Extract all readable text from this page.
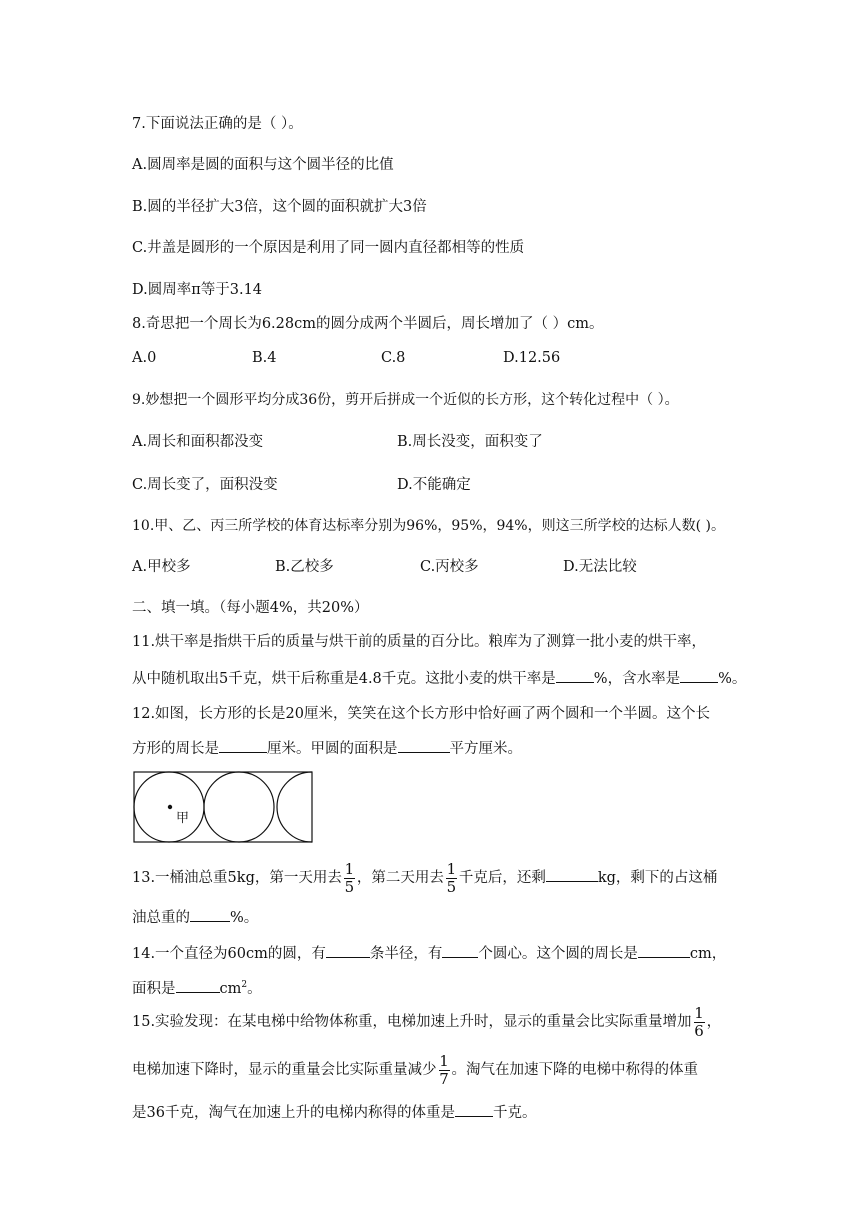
7.下面说法正确的是（ ）。
A.圆周率是圆的面积与这个圆半径的比值
B.圆的半径扩大3倍，这个圆的面积就扩大3倍
C.井盖是圆形的一个原因是利用了同一圆内直径都相等的性质
D.圆周率π等于3.14
8.奇思把一个周长为6.28cm的圆分成两个半圆后，周长增加了（ ）cm。
A.0	B.4	C.8	D.12.56
9.妙想把一个圆形平均分成36份，剪开后拼成一个近似的长方形，这个转化过程中（ ）。
A.周长和面积都没变	B.周长没变，面积变了
C.周长变了，面积没变	D.不能确定
10.甲、乙、丙三所学校的体育达标率分别为96%，95%，94%，则这三所学校的达标人数( )。
A.甲校多	B.乙校多	C.丙校多	D.无法比较
二、填一填。（每小题4%，共20%）
11.烘干率是指烘干后的质量与烘干前的质量的百分比。粮库为了测算一批小麦的烘干率，
从中随机取出5千克，烘干后称重是4.8千克。这批小麦的烘干率是	%，含水率是	%。
12.如图，长方形的长是20厘米，笑笑在这个长方形中恰好画了两个圆和一个半圆。这个长
方形的周长是	厘米。甲圆的面积是	平方厘米。
甲
13.一桶油总重5kg，第一天用去 $\frac{1}{5}$ ，第二天用去 $\frac{1}{5}$ 千克后，还剩	kg，剩下的占这桶
油总重的	%。
14.一个直径为60cm的圆，有	条半径，有 个圆心。这个圆的周长是	cm，
面积是	$cm^2$。
15.实验发现：在某电梯中给物体称重，电梯加速上升时，显示的重量会比实际重量增加 $\frac{1}{6}$ ，
电梯加速下降时，显示的重量会比实际重量减少 $\frac{1}{7}$ 。淘气在加速下降的电梯中称得的体重
是36千克，淘气在加速上升的电梯内称得的体重是	千克。
